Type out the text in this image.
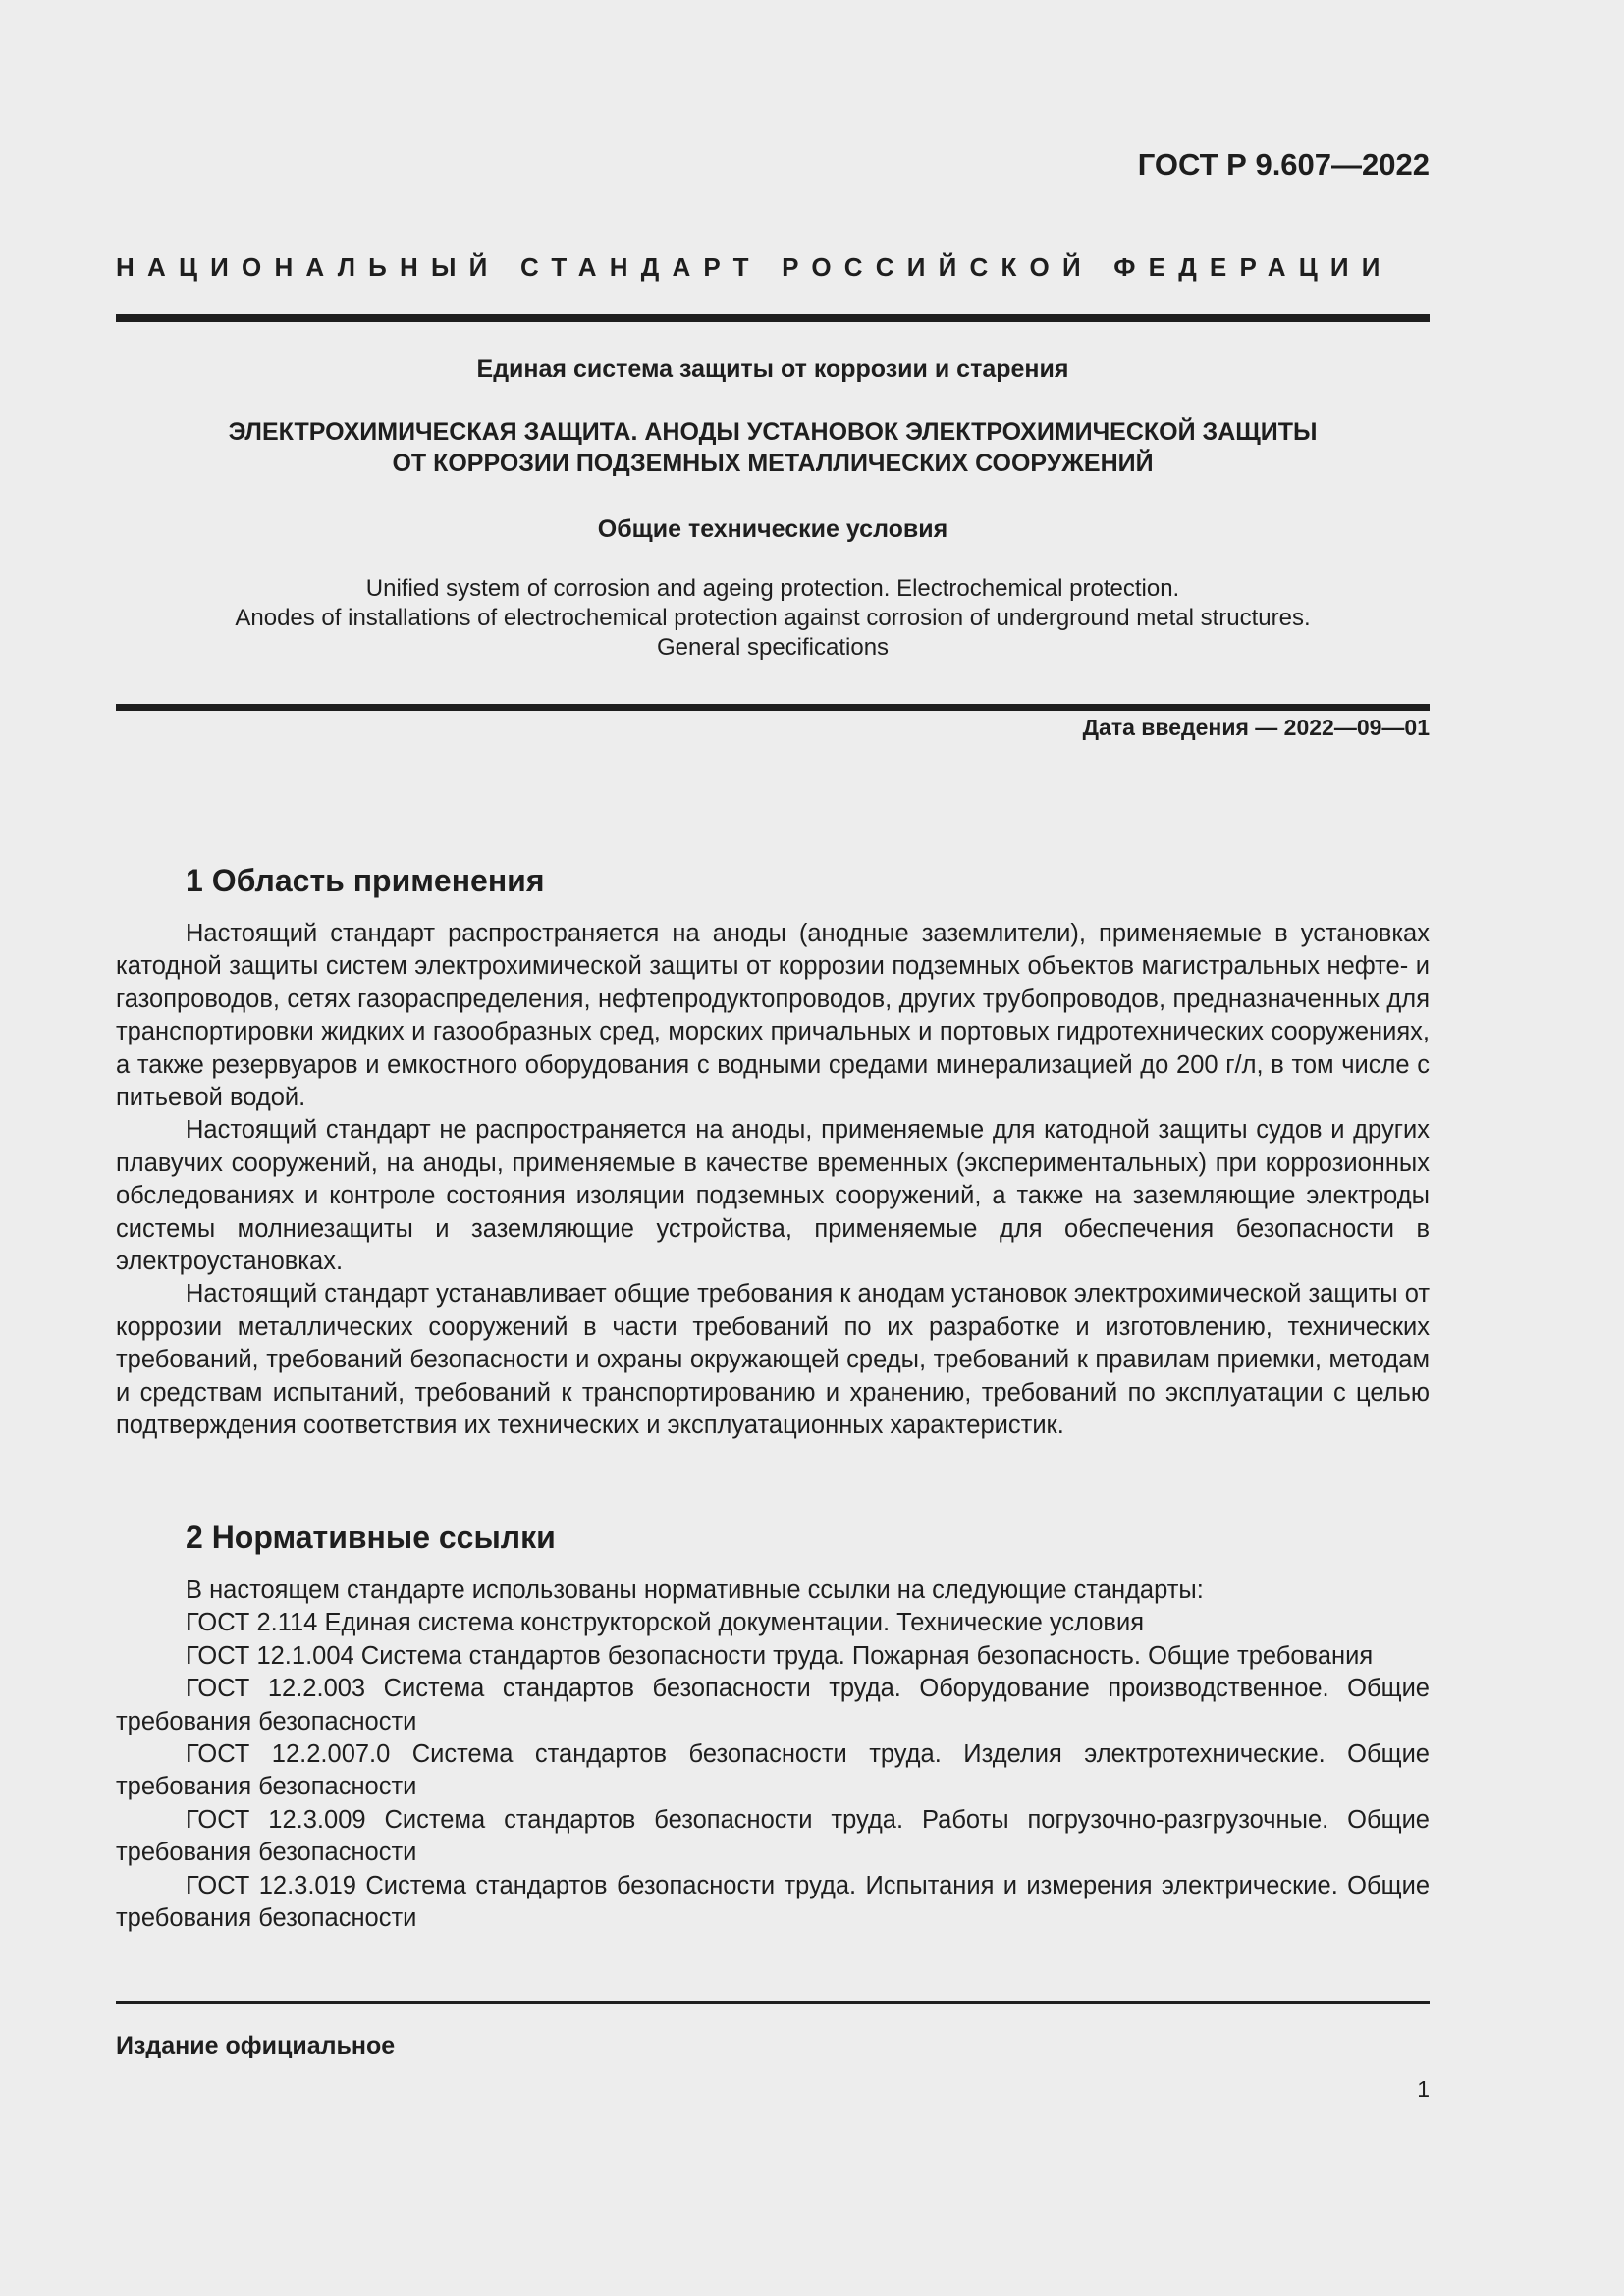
ГОСТ Р 9.607—2022

НАЦИОНАЛЬНЫЙ СТАНДАРТ РОССИЙСКОЙ ФЕДЕРАЦИИ

Единая система защиты от коррозии и старения

ЭЛЕКТРОХИМИЧЕСКАЯ ЗАЩИТА. АНОДЫ УСТАНОВОК ЭЛЕКТРОХИМИЧЕСКОЙ ЗАЩИТЫ
ОТ КОРРОЗИИ ПОДЗЕМНЫХ МЕТАЛЛИЧЕСКИХ СООРУЖЕНИЙ

Общие технические условия

Unified system of corrosion and ageing protection. Electrochemical protection.
Anodes of installations of electrochemical protection against corrosion of underground metal structures.
General specifications

Дата введения — 2022—09—01

1 Область применения

Настоящий стандарт распространяется на аноды (анодные заземлители), применяемые в установках катодной защиты систем электрохимической защиты от коррозии подземных объектов магистральных нефте- и газопроводов, сетях газораспределения, нефтепродуктопроводов, других трубопроводов, предназначенных для транспортировки жидких и газообразных сред, морских причальных и портовых гидротехнических сооружениях, а также резервуаров и емкостного оборудования с водными средами минерализацией до 200 г/л, в том числе с питьевой водой.

Настоящий стандарт не распространяется на аноды, применяемые для катодной защиты судов и других плавучих сооружений, на аноды, применяемые в качестве временных (экспериментальных) при коррозионных обследованиях и контроле состояния изоляции подземных сооружений, а также на заземляющие электроды системы молниезащиты и заземляющие устройства, применяемые для обеспечения безопасности в электроустановках.

Настоящий стандарт устанавливает общие требования к анодам установок электрохимической защиты от коррозии металлических сооружений в части требований по их разработке и изготовлению, технических требований, требований безопасности и охраны окружающей среды, требований к правилам приемки, методам и средствам испытаний, требований к транспортированию и хранению, требований по эксплуатации с целью подтверждения соответствия их технических и эксплуатационных характеристик.

2 Нормативные ссылки

В настоящем стандарте использованы нормативные ссылки на следующие стандарты:

ГОСТ 2.114 Единая система конструкторской документации. Технические условия

ГОСТ 12.1.004 Система стандартов безопасности труда. Пожарная безопасность. Общие требования

ГОСТ 12.2.003 Система стандартов безопасности труда. Оборудование производственное. Общие требования безопасности

ГОСТ 12.2.007.0 Система стандартов безопасности труда. Изделия электротехнические. Общие требования безопасности

ГОСТ 12.3.009 Система стандартов безопасности труда. Работы погрузочно-разгрузочные. Общие требования безопасности

ГОСТ 12.3.019 Система стандартов безопасности труда. Испытания и измерения электрические. Общие требования безопасности

Издание официальное

1
